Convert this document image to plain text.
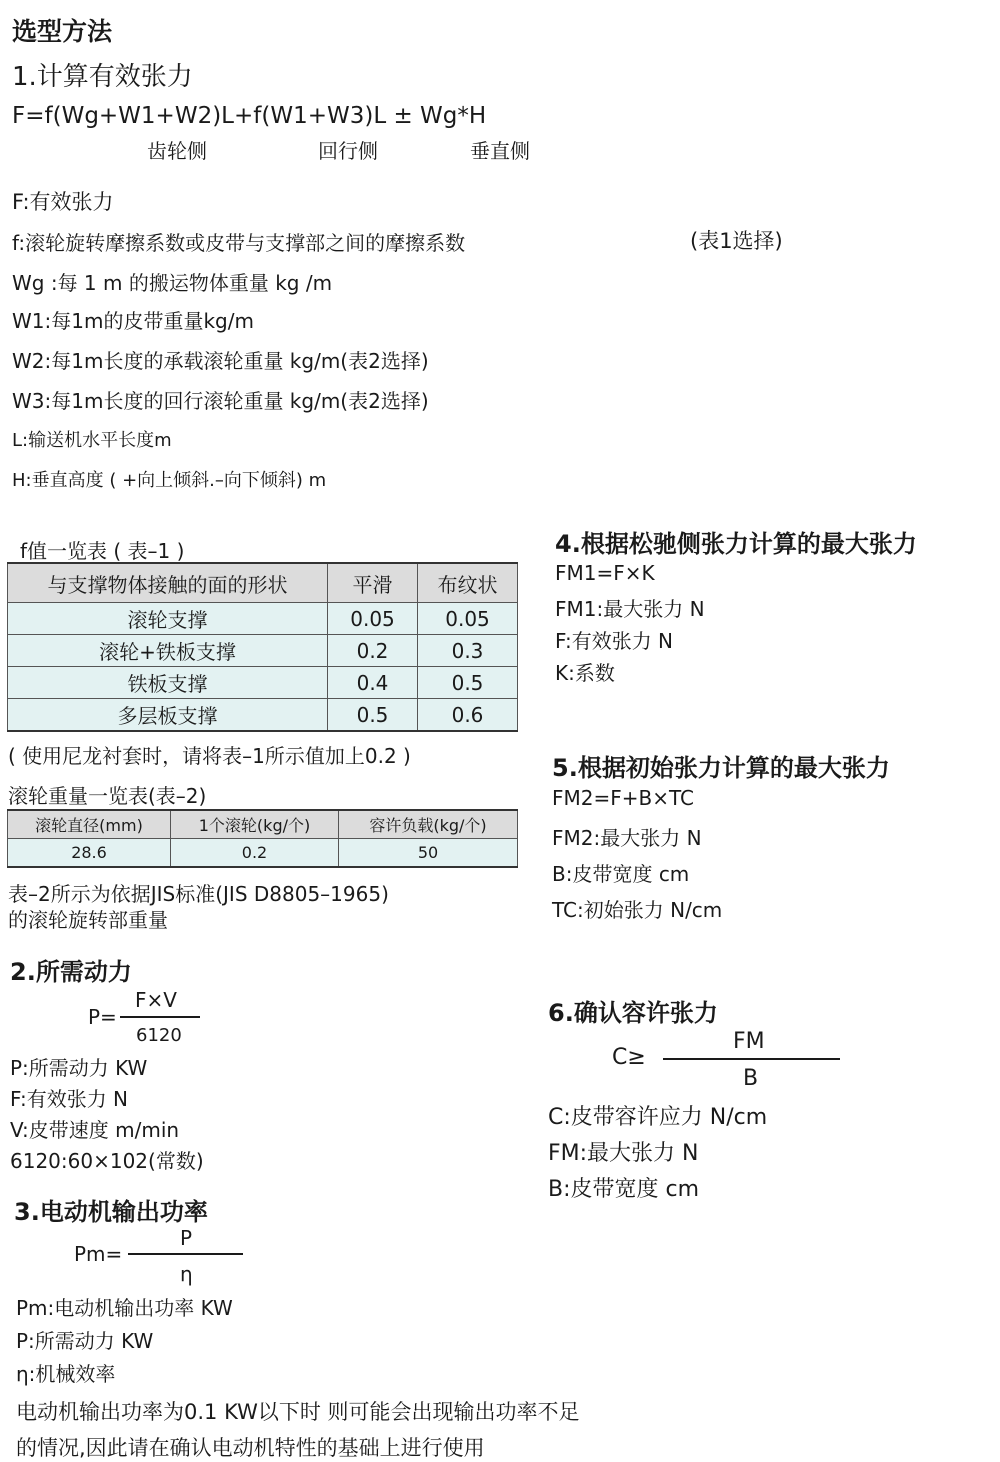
选型方法
1.计算有效张力
F=f(Wg+W1+W2)L+f(W1+W3)L ± Wg*H
齿轮侧	回行侧	垂直侧
F:有效张力
f:滚轮旋转摩擦系数或皮带与支撑部之间的摩擦系数	(表1选择)
Wg :每 1 m 的搬运物体重量 kg /m
W1:每1m的皮带重量kg/m
W2:每1m长度的承载滚轮重量 kg/m(表2选择)
W3:每1m长度的回行滚轮重量 kg/m(表2选择)
L:输送机水平长度m
H:垂直高度 ( +向上倾斜.–向下倾斜) m
f值一览表 ( 表–1 )
与支撑物体接触的面的形状	平滑	布纹状
滚轮支撑	0.05	0.05
滚轮+铁板支撑	0.2	0.3
铁板支撑	0.4	0.5
多层板支撑	0.5	0.6
( 使用尼龙衬套时，请将表–1所示值加上0.2 )
滚轮重量一览表(表–2)
滚轮直径(mm)	1个滚轮(kg/个)	容许负载(kg/个)
28.6	0.2	50
表–2所示为依据JIS标准(JIS D8805–1965)
的滚轮旋转部重量
2.所需动力
P=
F×V
6120
P:所需动力 KW
F:有效张力 N
V:皮带速度 m/min
6120:60×102(常数)
3.电动机输出功率
Pm=
P
η
Pm:电动机输出功率 KW
P:所需动力 KW
η:机械效率
电动机输出功率为0.1 KW以下时 则可能会出现输出功率不足
的情况,因此请在确认电动机特性的基础上进行使用
4.根据松驰侧张力计算的最大张力
FM1=F×K
FM1:最大张力 N
F:有效张力 N
K:系数
5.根据初始张力计算的最大张力
FM2=F+B×TC
FM2:最大张力 N
B:皮带宽度 cm
TC:初始张力 N/cm
6.确认容许张力
C≥
FM
B
C:皮带容许应力 N/cm
FM:最大张力 N
B:皮带宽度 cm
